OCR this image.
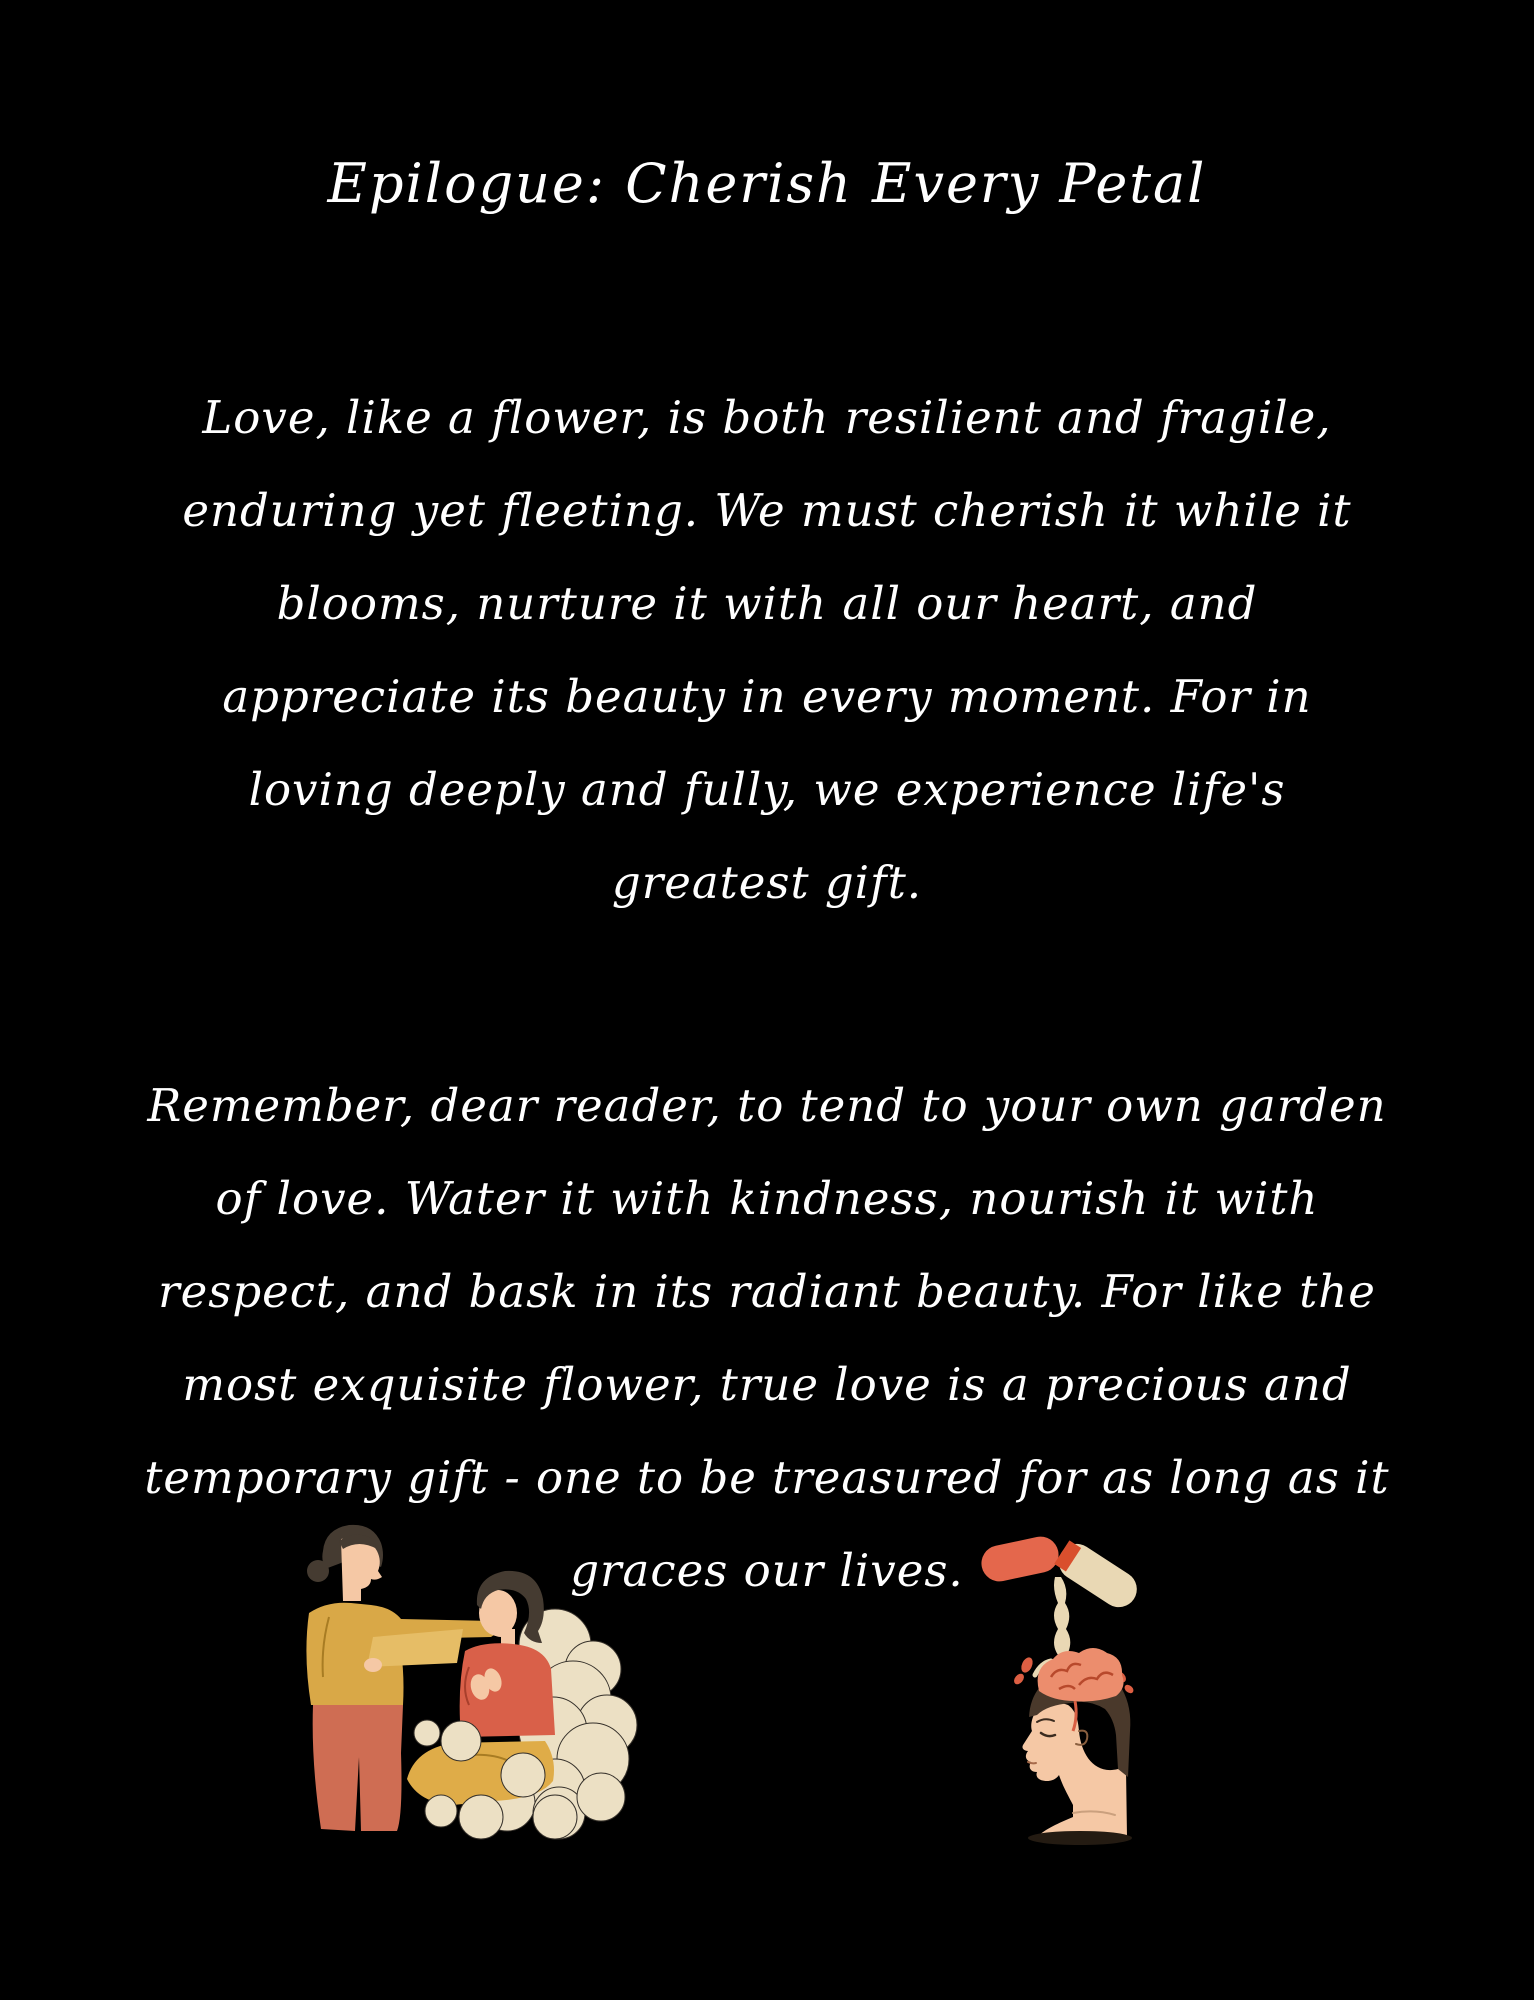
Epilogue: Cherish Every Petal
Love, like a flower, is both resilient and fragile,
enduring yet fleeting. We must cherish it while it
blooms, nurture it with all our heart, and
appreciate its beauty in every moment. For in
loving deeply and fully, we experience life's
greatest gift.
Remember, dear reader, to tend to your own garden
of love. Water it with kindness, nourish it with
respect, and bask in its radiant beauty. For like the
most exquisite flower, true love is a precious and
temporary gift - one to be treasured for as long as it
graces our lives.
